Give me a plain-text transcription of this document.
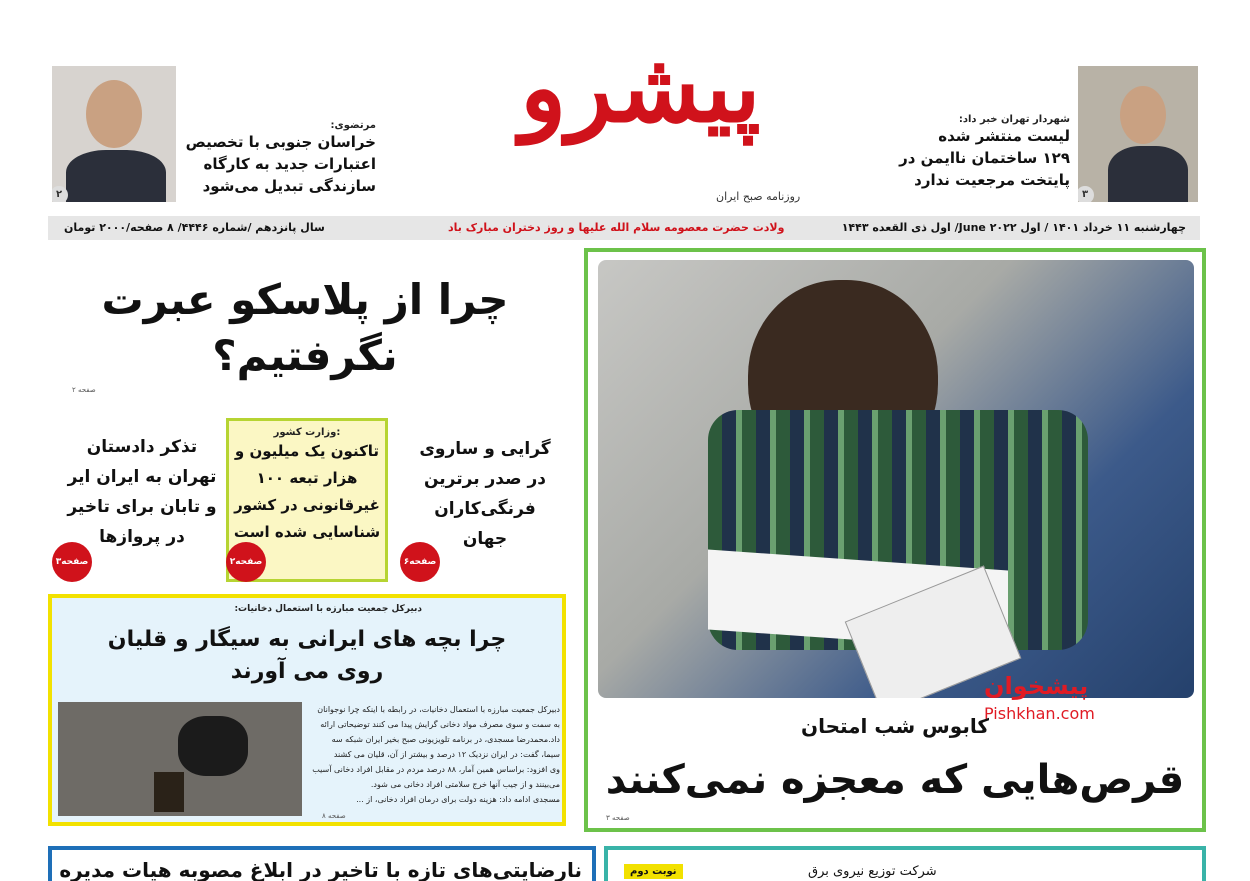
۳
شهردار تهران خبر داد:
لیست منتشر شده
۱۲۹ ساختمان ناایمن در
پایتخت مرجعیت ندارد
۲
مرتضوی:
خراسان جنوبی با تخصیص
اعتبارات جدید به کارگاه
سازندگی تبدیل می‌شود
پیشرو
روزنامه صبح ایران
چهارشنبه ۱۱ خرداد ۱۴۰۱ / اول June ۲۰۲۲/ اول ذی القعده ۱۴۴۳
ولادت حضرت معصومه سلام الله علیها و روز دختران مبارک باد
سال پانزدهم /شماره ۴۴۴۶/ ۸ صفحه/۲۰۰۰ تومان
چرا از پلاسکو عبرت
نگرفتیم؟
صفحه ۲
گرایی و ساروی
در صدر برترین
فرنگی‌کاران
جهان
صفحه۶
وزارت کشور:
تاکنون یک میلیون و
۱۰۰ هزار تبعه
غیرقانونی در کشور
شناسایی شده است
صفحه۲
تذکر دادستان
تهران به ایران ایر
و تابان برای تاخیر
در پروازها
صفحه۳
دبیرکل جمعیت مبارزه با استعمال دخانیات:
چرا بچه های ایرانی به سیگار و قلیان
روی می آورند
دبیرکل جمعیت مبارزه با استعمال دخانیات، در رابطه با اینکه چرا نوجوانان
به سمت و سوی مصرف مواد دخانی گرایش پیدا می کنند توضیحاتی ارائه
داد.محمدرضا مسجدی، در برنامه تلویزیونی صبح بخیر ایران شبکه سه
سیما، گفت: در ایران نزدیک ۱۲ درصد و بیشتر از آن، قلیان می کشند
وی افزود: براساس همین آمار، ۸۸ درصد مردم در مقابل افراد دخانی آسیب
می‌بینند و از جیب آنها خرج سلامتی افراد دخانی می شود.
مسجدی ادامه داد: هزینه دولت برای درمان افراد دخانی، از ...
صفحه ۸
پیشخوان
Pishkhan.com
کابوس شب امتحان
قرص‌هایی که معجزه نمی‌کنند
صفحه ۳
نارضایتی‌های تازه با تاخیر در ابلاغ مصوبه هیات مدیره	شرکت توزیع نیروی برق
نوبت دوم
